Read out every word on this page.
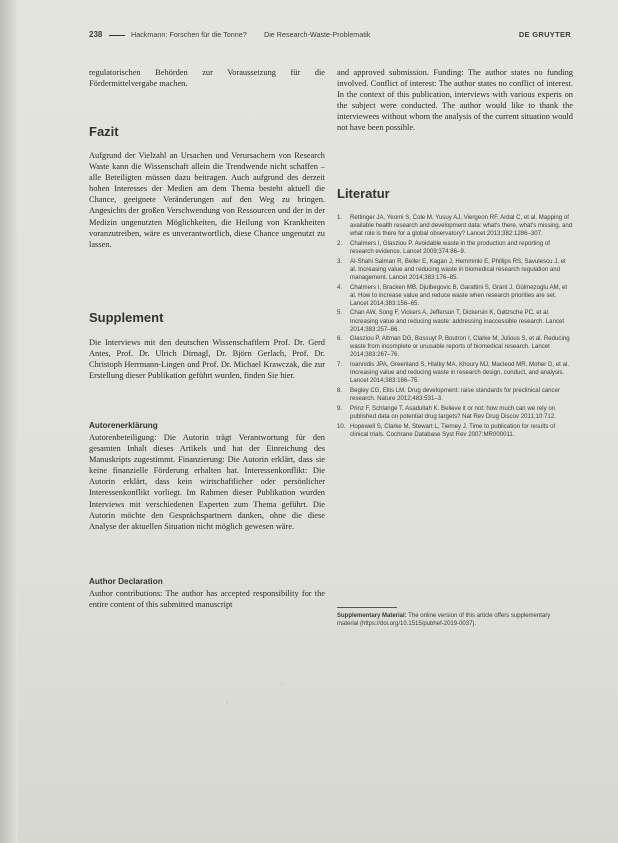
238	Hackmann: Forschen für die Tonne? Die Research-Waste-Problematik	DE GRUYTER

regulatorischen Behörden zur Voraussetzung für die Fördermittelvergabe machen.

Fazit

Aufgrund der Vielzahl an Ursachen und Verursachern von Research Waste kann die Wissenschaft allein die Trendwende nicht schaffen – alle Beteiligten müssen dazu beitragen. Auch aufgrund des derzeit hohen Interesses der Medien am dem Thema besteht aktuell die Chance, geeignete Veränderungen auf den Weg zu bringen. Angesichts der großen Verschwendung von Ressourcen und der in der Medizin ungenutzten Möglichkeiten, die Heilung von Krankheiten voranzutreiben, wäre es unverantwortlich, diese Chance ungenutzt zu lassen.

Supplement

Die Interviews mit den deutschen Wissenschaftlern Prof. Dr. Gerd Antes, Prof. Dr. Ulrich Dirnagl, Dr. Björn Gerlach, Prof. Dr. Christoph Herrmann-Lingen und Prof. Dr. Michael Krawczak, die zur Erstellung dieser Publikation geführt wurden, finden Sie hier.

Autorenerklärung

Autorenbeteiligung: Die Autorin trägt Verantwortung für den gesamten Inhalt dieses Artikels und hat der Einreichung des Manuskripts zugestimmt. Finanzierung: Die Autorin erklärt, dass sie keine finanzielle Förderung erhalten hat. Interessenkonflikt: Die Autorin erklärt, dass kein wirtschaftlicher oder persönlicher Interessenkonflikt vorliegt. Im Rahmen dieser Publikation wurden Interviews mit verschiedenen Experten zum Thema geführt. Die Autorin möchte den Gesprächspartnern danken, ohne die diese Analyse der aktuellen Situation nicht möglich gewesen wäre.

Author Declaration

Author contributions: The author has accepted responsibility for the entire content of this submitted manuscript

and approved submission. Funding: The author states no funding involved. Conflict of interest: The author states no conflict of interest. In the context of this publication, interviews with various experts on the subject were conducted. The author would like to thank the interviewees without whom the analysis of the current situation would not have been possible.

Literatur
1. Rettinger JA, Yeomi S, Cole M, Yusuy AJ, Viergeon RF, Ardal C, et al. Mapping of available health research and development data: what's there, what's missing, and what role is there for a global observatory? Lancet 2013;382:1286–307.
2. Chalmers I, Glasziou P. Avoidable waste in the production and reporting of research evidence. Lancet 2009;374:86–9.
3. Al-Shahi Salman R, Beller E, Kagan J, Hemminki E, Phillips RS, Savulescu J, et al. Increasing value and reducing waste in biomedical research regulation and management. Lancet 2014;383:176–85.
4. Chalmers I, Bracken MB, Djulbegovic B, Garattini S, Grant J, Gülmezoglu AM, et al. How to increase value and reduce waste when research priorities are set. Lancet 2014;383:156–65.
5. Chan AW, Song F, Vickers A, Jefferson T, Dickersin K, Gøtzsche PC, et al. Increasing value and reducing waste: addressing inaccessible research. Lancet 2014;383:257–66.
6. Glasziou P, Altman DG, Bossuyt P, Boutron I, Clarke M, Julious S, et al. Reducing waste from incomplete or unusable reports of biomedical research. Lancet 2014;383:267–76.
7. Ioannidis JPA, Greenland S, Hlatky MA, Khoury MJ, Macleod MR, Moher D, et al. Increasing value and reducing waste in research design, conduct, and analysis. Lancet 2014;383:166–75.
8. Begley CG, Ellis LM. Drug development: raise standards for preclinical cancer research. Nature 2012;483:531–3.
9. Prinz F, Schlange T, Asadullah K. Believe it or not: how much can we rely on published data on potential drug targets? Nat Rev Drug Discov 2011;10:712.
10. Hopewell S, Clarke M, Stewart L, Tierney J. Time to publication for results of clinical trials. Cochrane Database Syst Rev 2007:MR000011.
Supplementary Material: The online version of this article offers supplementary material (https://doi.org/10.1515/pubhef-2019-0037).
·
·
